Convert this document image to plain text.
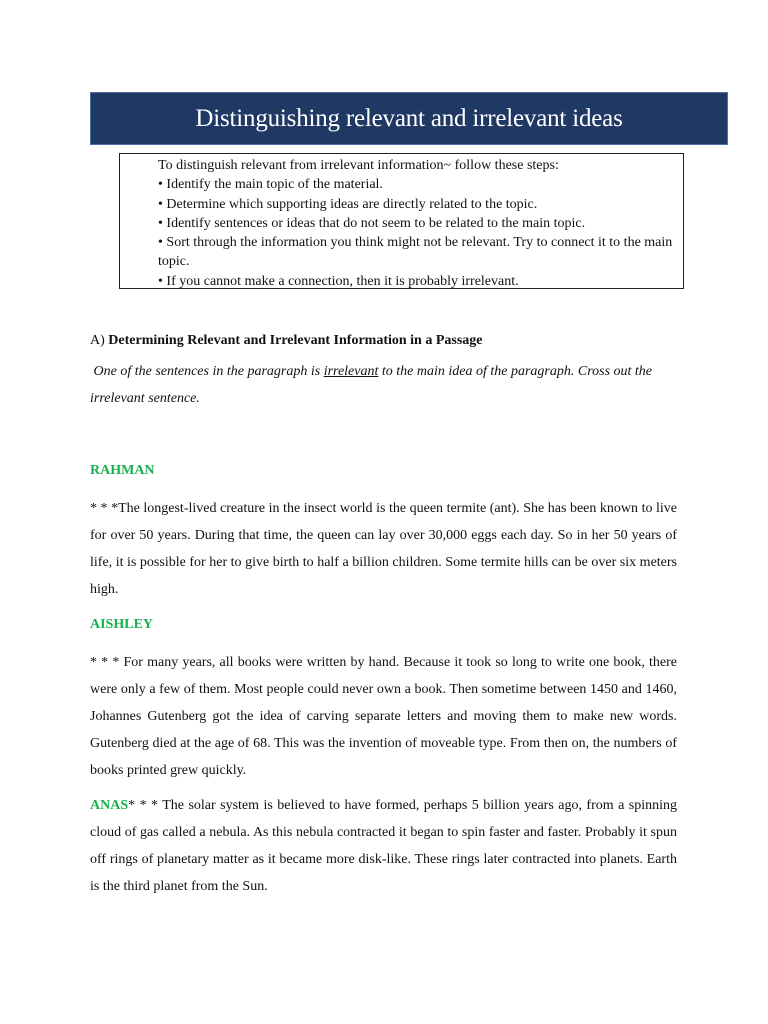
Distinguishing relevant and irrelevant ideas

To distinguish relevant from irrelevant information~ follow these steps:

• Identify the main topic of the material.

• Determine which supporting ideas are directly related to the topic.

• Identify sentences or ideas that do not seem to be related to the main topic.

• Sort through the information you think might not be relevant. Try to connect it to the main topic.

• If you cannot make a connection, then it is probably irrelevant.

A) Determining Relevant and Irrelevant Information in a Passage
One of the sentences in the paragraph is irrelevant to the main idea of the paragraph. Cross out the irrelevant sentence.
RAHMAN

* * *The longest-lived creature in the insect world is the queen termite (ant). She has been known to live for over 50 years. During that time, the queen can lay over 30,000 eggs each day. So in her 50 years of life, it is possible for her to give birth to half a billion children. Some termite hills can be over six meters high.

AISHLEY

* * * For many years, all books were written by hand. Because it took so long to write one book, there were only a few of them. Most people could never own a book. Then sometime between 1450 and 1460, Johannes Gutenberg got the idea of carving separate letters and moving them to make new words. Gutenberg died at the age of 68. This was the invention of moveable type. From then on, the numbers of books printed grew quickly.

ANAS* * * The solar system is believed to have formed, perhaps 5 billion years ago, from a spinning cloud of gas called a nebula. As this nebula contracted it began to spin faster and faster. Probably it spun off rings of planetary matter as it became more disk-like. These rings later contracted into planets. Earth is the third planet from the Sun.
